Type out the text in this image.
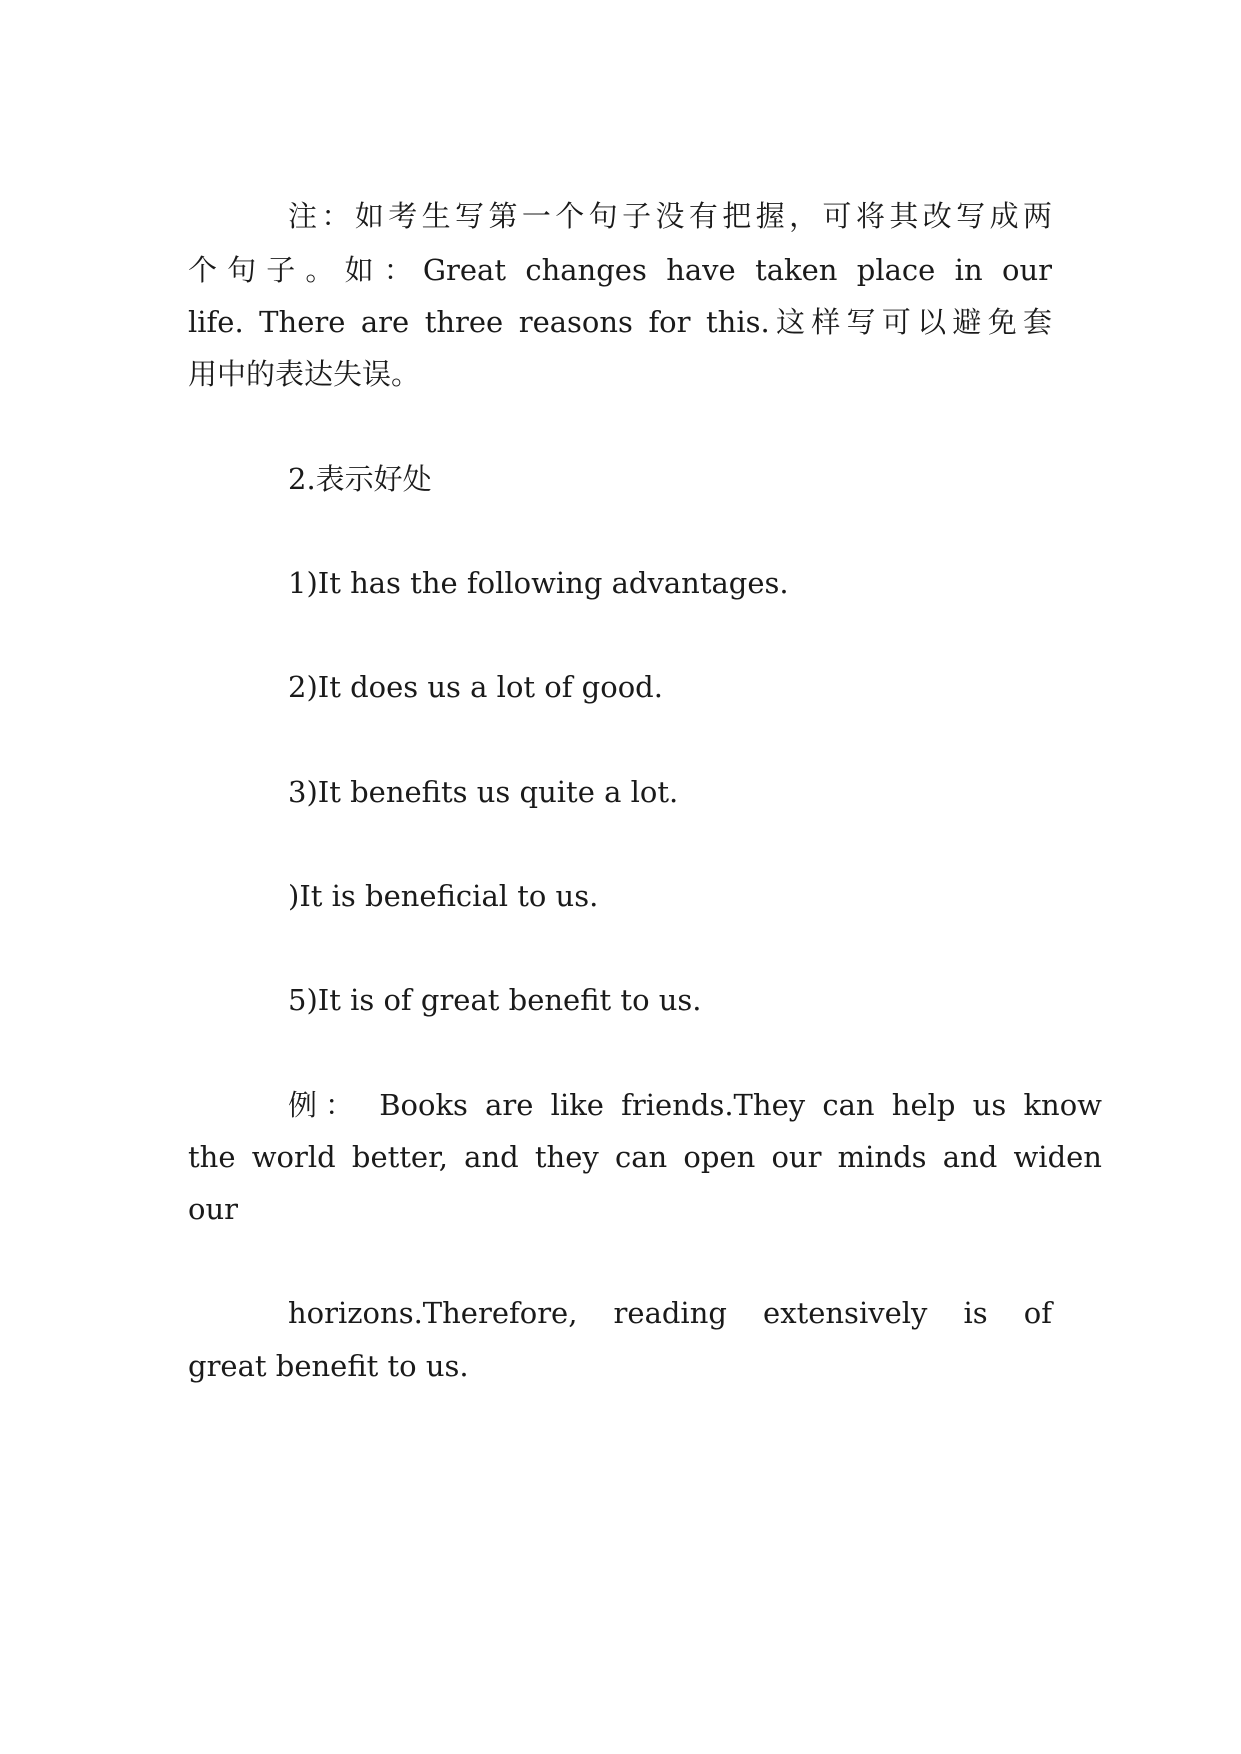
注：如考生写第一个句子没有把握，可将其改写成两

个句子。如：Great changes have taken place in our

life. There are three reasons for this.这样写可以避免套

用中的表达失误。

2.表示好处

1)It has the following advantages.

2)It does us a lot of good.

3)It benefits us quite a lot.

)It is beneficial to us.

5)It is of great benefit to us.

例： Books are like friends.They can help us know

the world better, and they can open our minds and widen

our

horizons.Therefore, reading extensively is of

great benefit to us.
